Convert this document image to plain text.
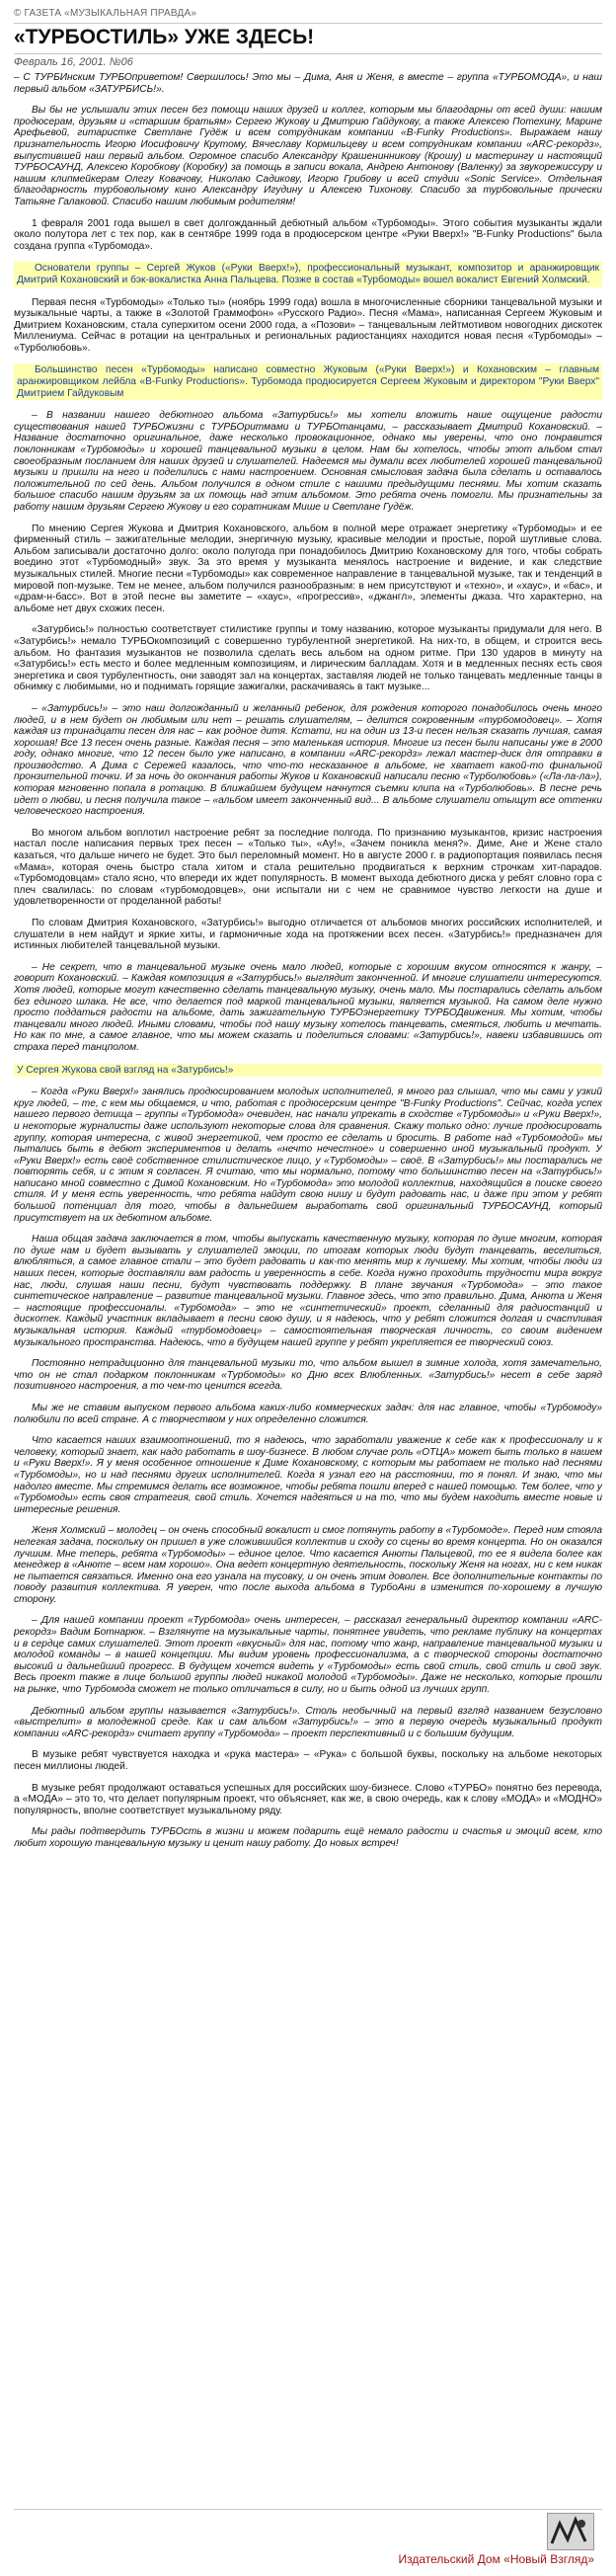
© ГАЗЕТА «МУЗЫКАЛЬНАЯ ПРАВДА»
«ТУРБОСТИЛЬ» УЖЕ ЗДЕСЬ!
Февраль 16, 2001. №06

– С ТУРБИнским ТУРБОприветом! Свершилось! Это мы – Дима, Аня и Женя, в вместе – группа «ТУРБОМОДА», и наш первый альбом «ЗАТУРБИСЬ!».

Вы бы не услышали этих песен без помощи наших друзей и коллег, которым мы благодарны от всей души: нашим продюсерам, друзьям и «старшим братьям» Сергею Жукову и Дмитрию Гайдукову, а также Алексею Потехину, Марине Арефьевой, гитаристке Светлане Гудёж и всем сотрудникам компании «B-Funky Productions». Выражаем нашу признательность Игорю Иосифовичу Крутому, Вячеславу Кормильцеву и всем сотрудникам компании «ARC-рекордз», выпустившей наш первый альбом. Огромное спасибо Александру Крашенинникову (Крошу) и мастерингу и настоящий ТУРБОСАУНД, Алексею Коробкову (Коробку) за помощь в записи вокала, Андрею Антонову (Валенку) за звукорежиссуру и нашим клипмейкерам Олегу Ковачову, Николаю Садикову, Игорю Грибову и всей студии «Sonic Service». Отдельная благодарность турбовольному кино Александру Игудину и Алексею Тихонову. Спасибо за турбовольные прически Татьяне Галаковой. Спасибо нашим любимым родителям!

1 февраля 2001 года вышел в свет долгожданный дебютный альбом «Турбомоды». Этого события музыканты ждали около полутора лет с тех пор, как в сентябре 1999 года в продюсерском центре «Руки Вверх!» "B-Funky Productions" была создана группа «Турбомода».

Основатели группы – Сергей Жуков («Руки Вверх!»), профессиональный музыкант, композитор и аранжировщик Дмитрий Кохановский и бэк-вокалистка Анна Пальцева. Позже в состав «Турбомоды» вошел вокалист Евгений Холмский.

Первая песня «Турбомоды» «Только ты» (ноябрь 1999 года) вошла в многочисленные сборники танцевальной музыки и музыкальные чарты, а также в «Золотой Граммофон» «Русского Радио». Песня «Мама», написанная Сергеем Жуковым и Дмитрием Кохановским, стала суперхитом осени 2000 года, а «Позови» – танцевальным лейтмотивом новогодних дискотек Миллениума. Сейчас в ротации на центральных и региональных радиостанциях находится новая песня «Турбомоды» – «Турболюбовь».

Большинство песен «Турбомоды» написано совместно Жуковым («Руки Вверх!») и Кохановским – главным аранжировщиком лейбла «B-Funky Productions». Турбомода продюсируется Сергеем Жуковым и директором "Руки Вверх" Дмитрием Гайдуковым

– В названии нашего дебютного альбома «Затурбись!» мы хотели вложить наше ощущение радости существования нашей ТУРБОжизни с ТУРБОритмами и ТУРБОтанцами, – рассказывает Дмитрий Кохановский. – Название достаточно оригинальное, даже несколько провокационное, однако мы уверены, что оно понравится поклонникам «Турбомоды» и хорошей танцевальной музыки в целом. Нам бы хотелось, чтобы этот альбом стал своеобразным посланием для наших друзей и слушателей. Надеемся мы думали всех любителей хорошей танцевальной музыки и пришли на него и поделились с нами настроением. Основная смысловая задача была сделать и оставалось положительной по сей день. Альбом получился в одном стиле с нашими предыдущими песнями. Мы хотим сказать большое спасибо нашим друзьям за их помощь над этим альбомом. Это ребята очень помогли. Мы признательны за работу нашим друзьям Сергею Жукову и его соратникам Мише и Светлане Гудёж.

По мнению Сергея Жукова и Дмитрия Кохановского, альбом в полной мере отражает энергетику «Турбомоды» и ее фирменный стиль – зажигательные мелодии, энергичную музыку, красивые мелодии и простые, порой шутливые слова. Альбом записывали достаточно долго: около полугода при понадобилось Дмитрию Кохановскому для того, чтобы собрать воедино этот «Турбомодный» звук. За это время у музыканта менялось настроение и видение, и как следствие музыкальных стилей. Многие песни «Турбомоды» как современное направление в танцевальной музыке, так и тенденций в мировой поп-музыке. Тем не менее, альбом получился разнообразным: в нем присутствуют и «техно», и «хаус», и «бас», и «драм-н-басс». Вот в этой песне вы заметите – «хаус», «прогрессив», «джангл», элементы джаза. Что характерно, на альбоме нет двух схожих песен.

«Затурбись!» полностью соответствует стилистике группы и тому названию, которое музыканты придумали для него. В «Затурбись!» немало ТУРБОкомпозиций с совершенно турбулентной энергетикой. На них-то, в общем, и строится весь альбом. Но фантазия музыкантов не позволила сделать весь альбом на одном ритме. При 130 ударов в минуту на «Затурбись!» есть место и более медленным композициям, и лирическим балладам. Хотя и в медленных песнях есть своя энергетика и своя турбулентность, они заводят зал на концертах, заставляя людей не только танцевать медленные танцы в обнимку с любимыми, но и поднимать горящие зажигалки, раскачиваясь в такт музыке...

– «Затурбись!» – это наш долгожданный и желанный ребенок, для рождения которого понадобилось очень много людей, и в нем будет он любимым или нет – решать слушателям, – делится сокровенным «турбомодовец». – Хотя каждая из тринадцати песен для нас – как родное дитя. Кстати, ни на один из 13-и песен нельзя сказать лучшая, самая хорошая! Все 13 песен очень разные. Каждая песня – это маленькая история. Многие из песен были написаны уже в 2000 году, однако многие, что 12 песен было уже написано, в компании «ARC-рекордз» лежал мастер-диск для отправки в производство. А Дима с Сережей казалось, что что-то несказанное в альбоме, не хватает какой-то финальной пронзительной точки. И за ночь до окончания работы Жуков и Кохановский написали песню «Турболюбовь» («Ла-ла-ла»), которая мгновенно попала в ротацию. В ближайшем будущем начнутся съемки клипа на «Турболюбовь». В песне речь идет о любви, и песня получила такое – «альбом имеет законченный вид... В альбоме слушатели отыщут все оттенки человеческого настроения.

Во многом альбом воплотил настроение ребят за последние полгода. Пo признанию музыкантов, кризис настроения настал после написания первых трех песен – «Только ты», «Ау!», «Зачем поникла меня?». Диме, Ане и Жене стало казаться, что дальше ничего не будет. Это был переломный момент. Но в августе 2000 г. в радиопортация появилась песня «Мама», которая очень быстро стала хитом и стала решительно продвигаться к верхним строчкам хит-парадов. «Турбомодовцам» стало ясно, что впереди их ждет популярность. В момент выхода дебютного диска у ребят словно гора с плеч свалилась: по словам «турбомодовцев», они испытали ни с чем не сравнимое чувство легкости на душе и удовлетворенности от проделанной работы!

По словам Дмитрия Кохановского, «Затурбись!» выгодно отличается от альбомов многих российских исполнителей, и слушатели в нем найдут и яркие хиты, и гармоничные хода на протяжении всех песен. «Затурбись!» предназначен для истинных любителей танцевальной музыки.

– Не секрет, что в танцевальной музыке очень мало людей, которые с хорошим вкусом относятся к жанру, – говорит Кохановский. – Каждая композиция в «Затурбись!» выглядит законченной. И многие слушатели интересуются. Хотя людей, которые могут качественно сделать танцевальную музыку, очень мало. Мы постарались сделать альбом без единого шлака. Не все, что делается под маркой танцевальной музыки, является музыкой. На самом деле нужно просто поддаться радости на альбоме, дать зажигательную ТУРБОэнергетику ТУРБОДвижения. Мы хотим, чтобы танцевали много людей. Иными словами, чтобы под нашу музыку хотелось танцевать, смеяться, любить и мечтать. Но как по мне, а самое главное, что мы можем сказать и поделиться словами: «Затурбись!», навеки избавившись от страха перед танцполом.

У Сергея Жукова свой взгляд на «Затурбись!»

– Когда «Руки Вверх!» занялись продюсированием молодых исполнителей, я много раз слышал, что мы сами у узкий круг людей, – те, с кем мы общаемся, и что, работая с продюсерским центре "B-Funky Productions". Сейчас, когда успех нашего первого детища – группы «Турбомода» очевиден, нас начали упрекать в сходстве «Турбомоды» и «Руки Вверх!», и некоторые журналисты даже используют некоторые слова для сравнения. Скажу только одно: лучше продюсировать группу, которая интересна, с живой энергетикой, чем просто ее сделать и бросить. В работе над «Турбомодой» мы пытались быть в дебют экспериментов и делать «нечто нечестное» и совершенно иной музыкальный продукт. У «Руки Вверх!» есть своё собственное стилистическое лицо, у «Турбомоды» – своё. В «Затурбись!» мы постарались не повторять себя, и с этим я согласен. Я считаю, что мы нормально, потому что большинство песен на «Затурбись!» написано мной совместно с Димой Кохановским. Но «Турбомода» это молодой коллектив, находящийся в поиске своего стиля. И у меня есть уверенность, что ребята найдут свою нишу и будут радовать нас, и даже при этом у ребят большой потенциал для того, чтобы в дальнейшем выработать свой оригинальный ТУРБОСАУНД, который присутствует на их дебютном альбоме.

Наша общая задача заключается в том, чтобы выпускать качественную музыку, которая по душе многим, которая по душе нам и будет вызывать у слушателей эмоции, по итогам которых люди будут танцевать, веселиться, влюбляться, а самое главное стали – это будет радовать и как-то менять мир к лучшему. Мы хотим, чтобы люди из наших песен, которые доставляли вам радость и уверенность в себе. Когда нужно проходить трудности мира вокруг нас, люди, слушая наши песни, будут чувствовать поддержку. В плане звучания «Турбомода» – это такое синтетическое направление – развитие танцевальной музыки. Главное здесь, что это правильно. Дима, Анюта и Женя – настоящие профессионалы. «Турбомода» – это не «синтетический» проект, сделанный для радиостанций и дискотек. Каждый участник вкладывает в песни свою душу, и я надеюсь, что у ребят сложится долгая и счастливая музыкальная история. Каждый «турбомодовец» – самостоятельная творческая личность, со своим видением музыкального пространства. Надеюсь, что в будущем нашей группе у ребят укрепляется ее творческий союз.

Постоянно нетрадиционно для танцевальной музыки то, что альбом вышел в зимние холода, хотя замечательно, что он не стал подарком поклонникам «Турбомоды» ко Дню всех Влюбленных. «Затурбись!» несет в себе заряд позитивного настроения, а то чем-то ценится всегда.

Мы же не ставим выпуском первого альбома каких-либо коммерческих задач: для нас главное, чтобы «Турбомоду» полюбили по всей стране. А с творчеством у них определенно сложится.

Что касается наших взаимоотношений, то я надеюсь, что заработали уважение к себе как к профессионалу и к человеку, который знает, как надо работать в шоу-бизнесе. В любом случае роль «ОТЦА» может быть только в нашем и «Руки Вверх!». Я у меня особенное отношение к Диме Кохановскому, с которым мы работаем не только над песнями «Турбомоды», но и над песнями других исполнителей. Когда я узнал его на расстоянии, то я понял. И знаю, что мы надолго вместе. Мы стремимся делать все возможное, чтобы ребята пошли вперед с нашей помощью. Тем более, что у «Турбомоды» есть своя стратегия, свой стиль. Хочется надеяться и на то, что мы будем находить вместе новые и интересные решения.

Женя Холмский – молодец – он очень способный вокалист и смог потянуть работу в «Турбомоде». Перед ним стояла нелегкая задача, поскольку он пришел в уже сложившийся коллектив и сходу со сцены во время концерта. Но он оказался лучшим. Мне теперь, ребята «Турбомоды» – единое целое. Что касается Анюты Пальцевой, то ее я видела более как менеджер в «Анюте – всем нам хорошо». Она ведет концертную деятельность, поскольку Женя на ногах, ни с кем никак не пытается связаться. Именно она его узнала на тусовку, и он очень этим доволен. Все дополнительные контакты по поводу развития коллектива. Я уверен, что после выхода альбома в ТурбоАни в изменится по-хорошему в лучшую сторону.

– Для нашей компании проект «Турбомода» очень интересен, – рассказал генеральный директор компании «ARC-рекордз» Вадим Ботнарюк. – Взглянуте на музыкальные чарты, понятнее увидеть, что рекламе публику на концертах и в сердце самих слушателей. Этот проект «вкусный» для нас, потому что жанр, направление танцевальной музыки и молодой команды – в нашей концепции. Мы видим уровень профессионализма, а с творческой стороны достаточно высокий и дальнейший прогресс. В будущем хочется видеть у «Турбомоды» есть свой стиль, свой стиль и свой звук. Весь проект также в лице большой группы людей никакой молодой «Турбомоды». Даже не несколько, которые прошли на рынке, что Турбомода сможет не только отличаться в силу, но и быть одной из лучших групп.

Дебютный альбом группы называется «Затурбись!». Столь необычный на первый взгляд названием безусловно «выстрелит» в молодежной среде. Как и сам альбом «Затурбись!» – это в первую очередь музыкальный продукт компании «ARC-рекордз» считает группу «Турбомода» – проект перспективный и с большим будущим.

В музыке ребят чувствуется находка и «рука мастера» – «Рука» с большой буквы, поскольку на альбоме некоторых песен миллионы людей.

В музыке ребят продолжают оставаться успешных для российских шоу-бизнесе. Слово «ТУРБО» понятно без перевода, а «МОДА» – это то, что делает популярным проект, что объясняет, как же, в свою очередь, как к слову «МОДА» и «МОДНО» популярность, вполне соответствует музыкальному ряду.

Мы рады подтвердить ТУРБОсть в жизни и можем подарить ещё немало радости и счастья и эмоций всем, кто любит хорошую танцевальную музыку и ценит нашу работу. До новых встреч!

Издательский Дом «Новый Взгляд»
